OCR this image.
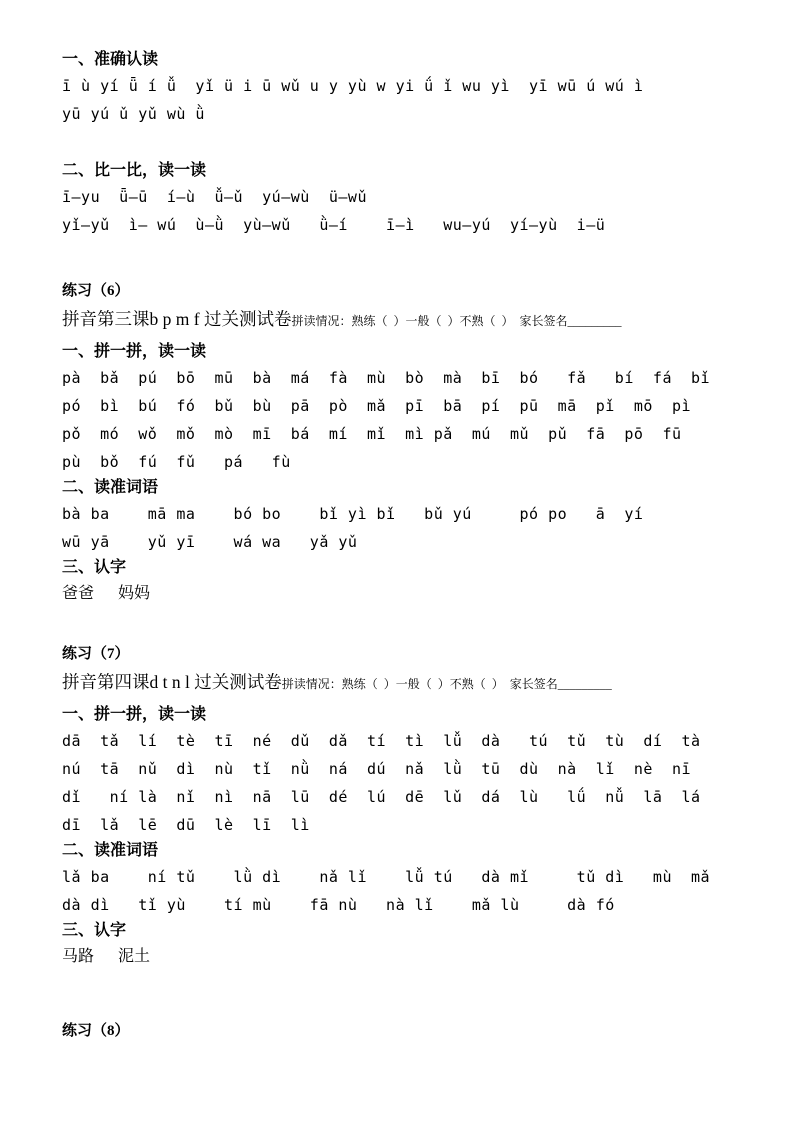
一、准确认读

ī ù yí ǖ í ǚ  yǐ ü i ū wǔ u y yù w yi ǘ ǐ wu yì  yī wū ú wú ì

yū yú ǔ yǔ wù ǜ

二、比一比，读一读

ī—yu  ǖ—ū  í—ù  ǚ—ǔ  yú—wù  ü—wǔ

yǐ—yǔ  ì— wú  ù—ǜ  yù—wǔ   ǜ—í    ī—ì   wu—yú  yí—yù  i—ü

练习（6）

拼音第三课b p m f 过关测试卷拼读情况：熟练（  ）一般（  ）不熟（  ）  家长签名_________

一、拼一拼，读一读

pà  bǎ  pú  bō  mū  bà  má  fà  mù  bò  mà  bī  bó   fǎ   bí  fá  bǐ

pó  bì  bú  fó  bǔ  bù  pā  pò  mǎ  pī  bā  pí  pū  mā  pǐ  mō  pì

pǒ  mó  wǒ  mǒ  mò  mī  bá  mí  mǐ  mì pǎ  mú  mǔ  pǔ  fā  pō  fū

pù  bǒ  fú  fǔ   pá   fù

二、读准词语

bà ba    mā ma    bó bo    bǐ yì bǐ   bǔ yú     pó po   ā  yí

wū yā    yǔ yī    wá wa   yǎ yǔ

三、认字

爸爸      妈妈

练习（7）

拼音第四课d t n l 过关测试卷拼读情况：熟练（  ）一般（  ）不熟（  ）  家长签名_________

一、拼一拼，读一读

dā  tǎ  lí  tè  tī  né  dǔ  dǎ  tí  tì  lǚ  dà   tú  tǔ  tù  dí  tà

nú  tā  nǔ  dì  nù  tǐ  nǜ  ná  dú  nǎ  lǜ  tū  dù  nà  lǐ  nè  nī

dǐ   ní là  nǐ  nì  nā  lū  dé  lú  dē  lǔ  dá  lù   lǘ  nǚ  lā  lá

dī  lǎ  lē  dū  lè  lī  lì

二、读准词语

lǎ ba    ní tǔ    lǜ dì    nǎ lǐ    lǚ tú   dà mǐ     tǔ dì   mù  mǎ

dà dì   tǐ yù    tí mù    fā nù   nà lǐ    mǎ lù     dà fó

三、认字

马路      泥土

练习（8）
